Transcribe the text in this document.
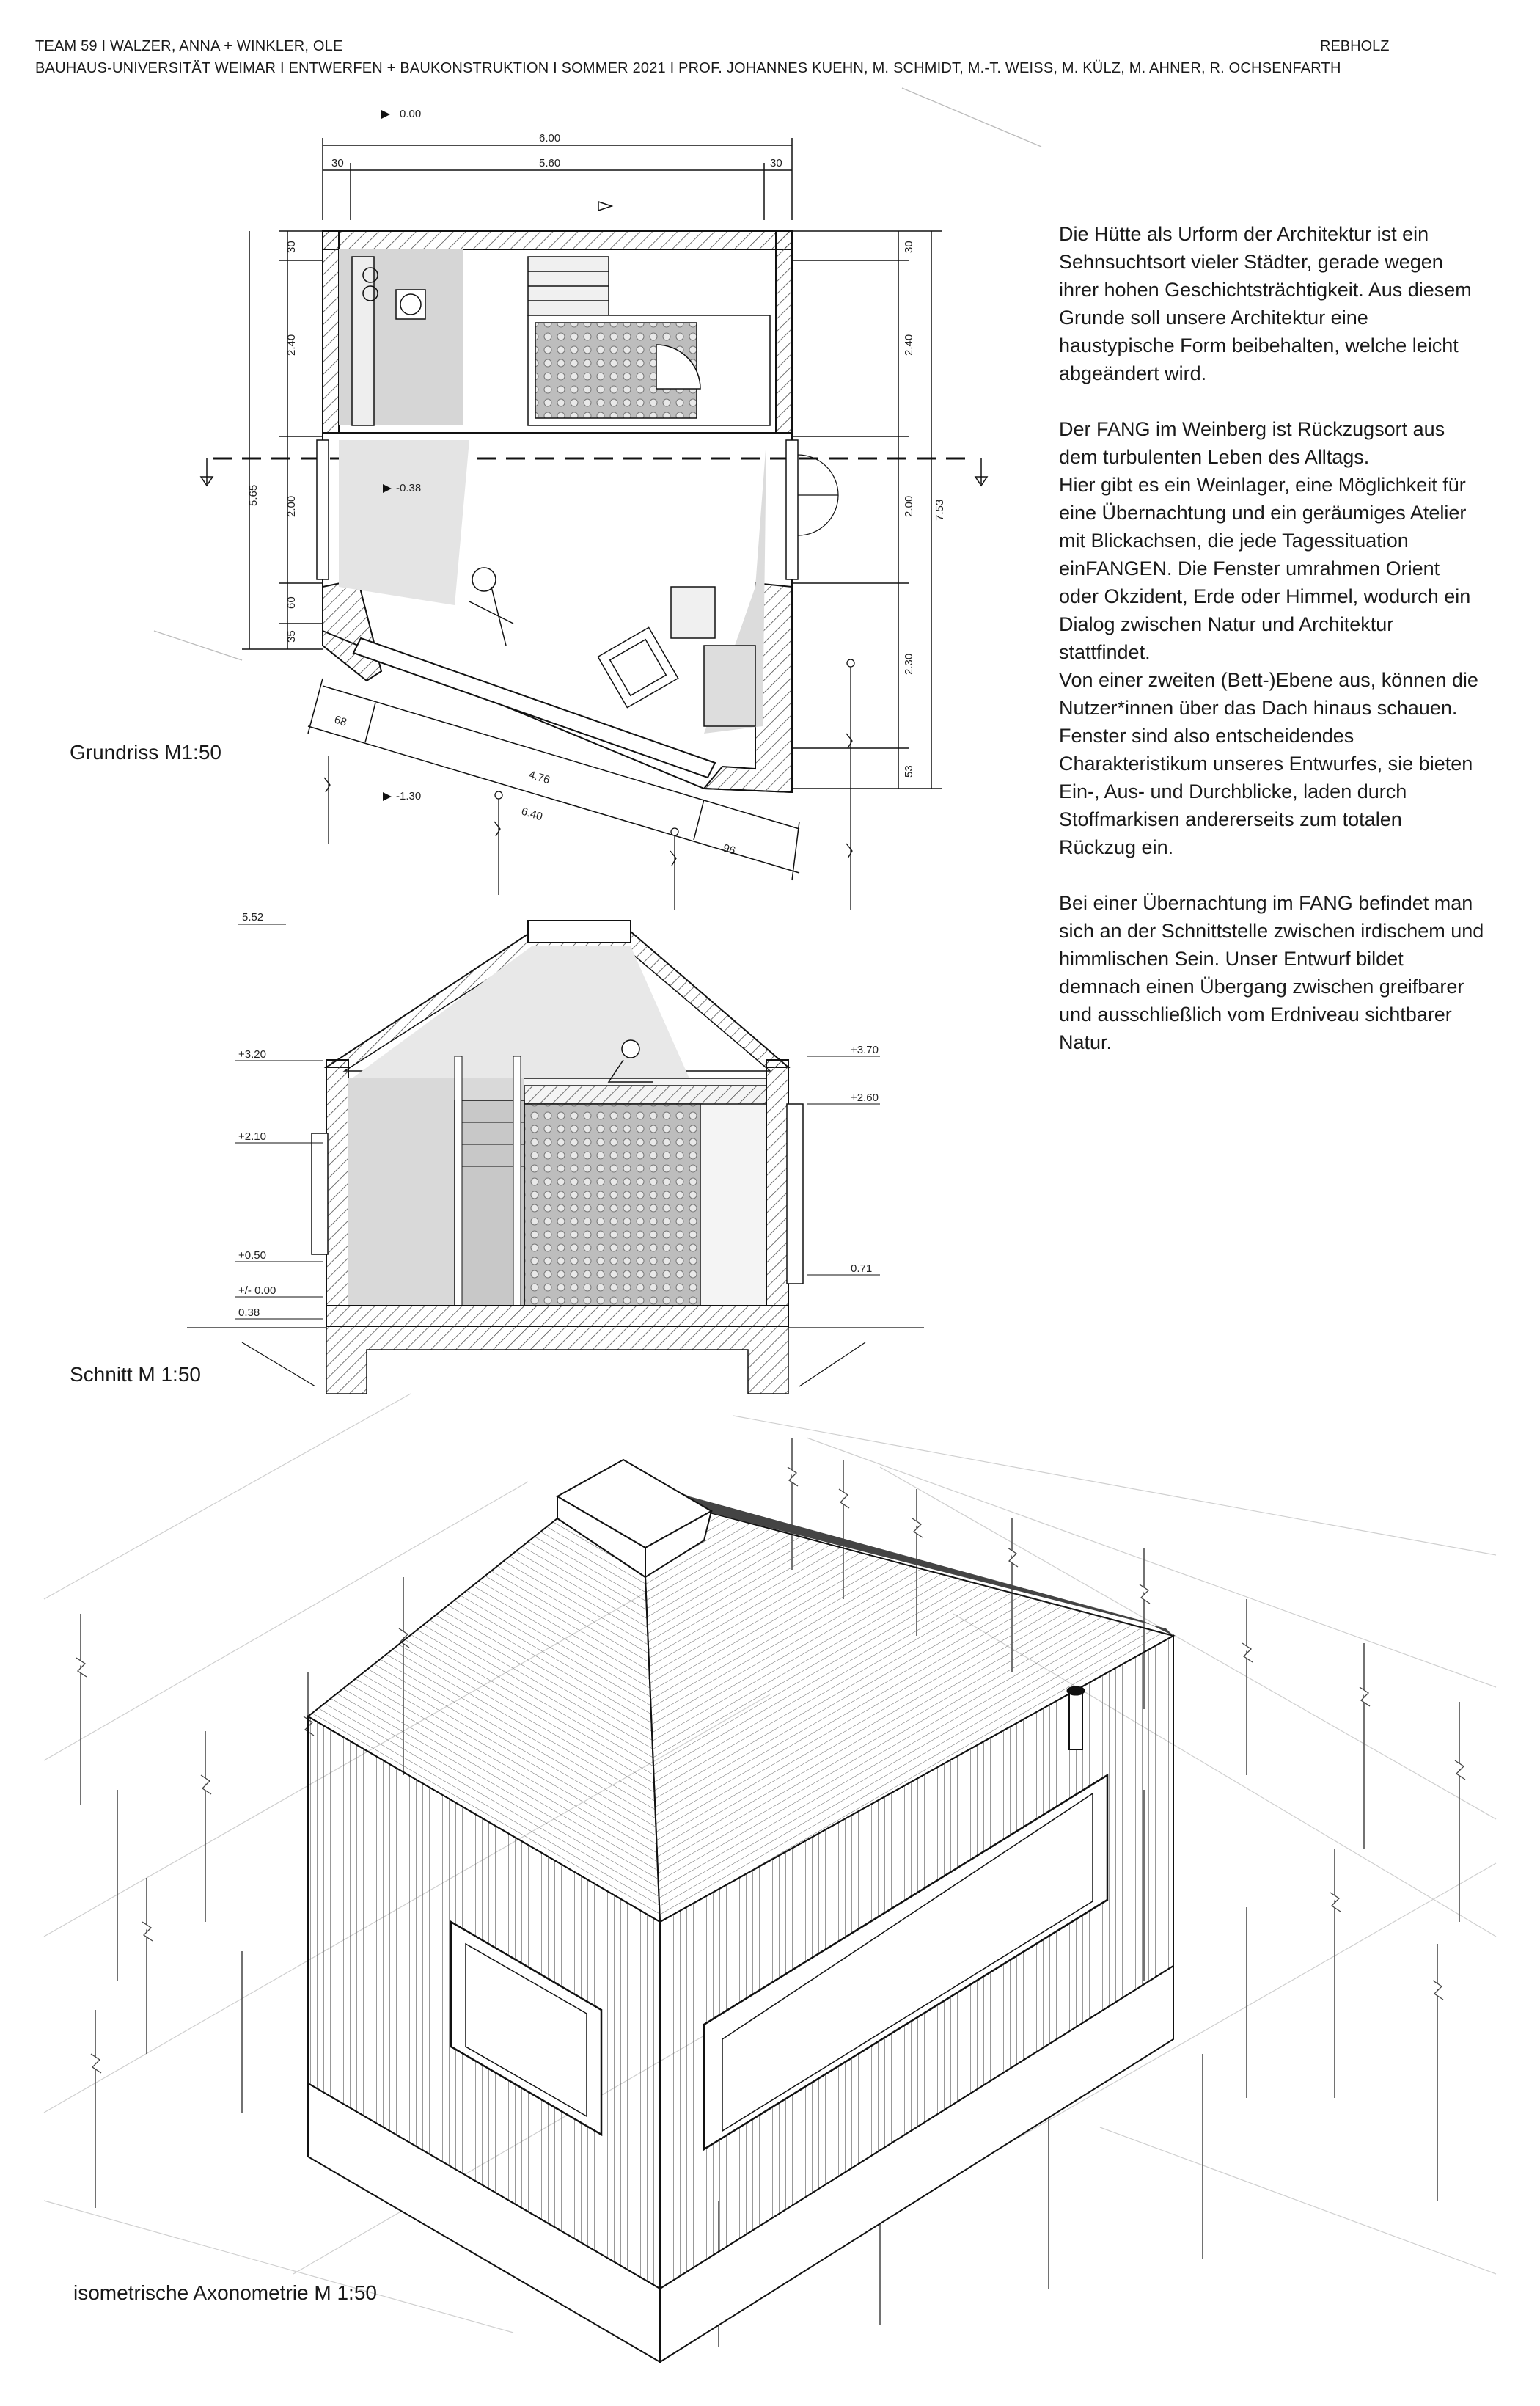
TEAM 59 I WALZER, ANNA + WINKLER, OLE
BAUHAUS-UNIVERSITÄT WEIMAR I ENTWERFEN + BAUKONSTRUKTION I SOMMER 2021 I PROF. JOHANNES KUEHN, M. SCHMIDT, M.-T. WEISS, M. KÜLZ, M. AHNER, R. OCHSENFARTH
REBHOLZ
6.00
5.60
30	30
0.00
30
2.40
2.00
60
35
5.65
30
2.40
2.00
2.30
53
7.53
-0.38
-1.30
68
4.76
6.40
96
5.52
+3.20
+2.10
+0.50
+/- 0.00
0.38
+3.70
+2.60
0.71

Die Hütte als Urform der Architektur ist ein Sehnsuchtsort vieler Städter, gerade wegen ihrer hohen Geschichtsträchtigkeit. Aus diesem Grunde soll unsere Architektur eine haustypische Form beibehalten, welche leicht abgeändert wird.

Der FANG im Weinberg ist Rückzugsort aus dem turbulenten Leben des Alltags.
Hier gibt es ein Weinlager, eine Möglichkeit für eine Übernachtung und ein geräumiges Atelier mit Blickachsen, die jede Tagessituation einFANGEN. Die Fenster umrahmen Orient oder Okzident, Erde oder Himmel, wodurch ein Dialog zwischen Natur und Architektur stattfindet.
Von einer zweiten (Bett-)Ebene aus, können die Nutzer*innen über das Dach hinaus schauen.
Fenster sind also entscheidendes Charakteristikum unseres Entwurfes, sie bieten Ein-, Aus- und Durchblicke, laden durch Stoffmarkisen andererseits zum totalen Rückzug ein.

Bei einer Übernachtung im FANG befindet man sich an der Schnittstelle zwischen irdischem und himmlischen Sein. Unser Entwurf bildet demnach einen Übergang zwischen greifbarer und ausschließlich vom Erdniveau sichtbarer Natur.

Grundriss M1:50
Schnitt M 1:50
isometrische Axonometrie M 1:50
